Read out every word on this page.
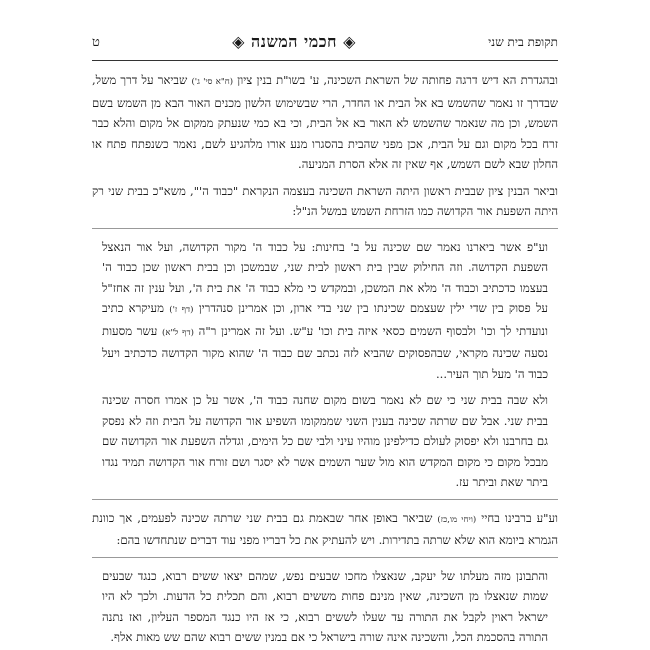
תקופת בית שני
◈ חכמי המשנה ◈
ט

ובהגדרת הא דיש דרגה פחותה של השראת השכינה, ע' בשו"ת בנין ציון (ח"א סי' ג') שביאר על דרך משל, שבדרך זו נאמר שהשמש בא אל הבית או החדר, הרי שבשימוש הלשון מכנים האור הבא מן השמש בשם השמש, וכן מה שנאמר שהשמש לא האור בא אל הבית, וכי בא כמי שנעתק ממקום אל מקום והלא כבר זרח בכל מקום וגם על הבית, אכן מפני שהבית בהסגרו מנע אורו מלהגיע לשם, נאמר כשנפתח פתח או החלון שבא לשם השמש, אף שאין זה אלא הסרת המניעה.

וביאר הבנין ציון שבבית ראשון היתה השראת השכינה בעצמה הנקראת "כבוד ה'", משא"כ בבית שני רק היתה השפעת אור הקדושה כמו הזרחת השמש במשל הנ"ל:

וע"פ אשר ביארנו נאמר שם שכינה על ב' בחינות: על כבוד ה' מקור הקדושה, ועל אור הנאצל השפעת הקדושה. וזה החילוק שבין בית ראשון לבית שני, שבמשכן וכן בבית ראשון שכן כבוד ה' בעצמו כדכתיב וכבוד ה' מלא את המשכן, ובמקדש כי מלא כבוד ה' את בית ה', ועל ענין זה אחז"ל על פסוק בין שדי ילין שעצמם שכינתו בין שני בדי ארון, וכן אמרינן סנהדרין (דף ז') מעיקרא כתיב ונועדתי לך וכו' ולבסוף השמים כסאי איזה בית וכו' ע"ש. ועל זה אמרינן ר"ה (דף ל"א) עשר מסעות נסעה שכינה מקראי, שבהפסוקים שהביא לזה נכתב שם כבוד ה' שהוא מקור הקדושה כדכתיב ויעל כבוד ה' מעל תוך העיר...

ולא שבה בבית שני כי שם לא נאמר בשום מקום שחנה כבוד ה', אשר על כן אמרו חסרה שכינה בבית שני. אבל שם שרתה שכינה בענין השני שממקומו השפיע אור הקדושה על הבית וזה לא נפסק גם בחרבנו ולא יפסוק לעולם כדילפינן מוהיו עיני ולבי שם כל הימים, וגדלה השפעת אור הקדושה שם מבכל מקום כי מקום המקדש הוא מול שער השמים אשר לא יסגר ושם זורח אור הקדושה תמיד נגדו ביתר שאת וביתר עז.

וע"ע ברבינו בחיי (ויחי מו,כז) שביאר באופן אחר שבאמת גם בבית שני שרתה שכינה לפעמים, אך כוונת הגמרא ביומא הוא שלא שרתה בתדירות. ויש להעתיק את כל דבריו מפני עוד דברים שנתחדשו בהם:

והתבונן מזה מעלתו של יעקב, שנאצלו מחכו שבעים נפש, שמהם יצאו ששים רבוא, כנגד שבעים שמות שנאצלו מן השכינה, שאין מנינם פחות מששים רבוא, והם תכלית כל הדעות. ולכך לא היו ישראל ראוין לקבל את התורה עד שעלו לששים רבוא, כי אז היו כנגד המספר העליון, ואז נתנה התורה בהסכמת הכל, והשכינה אינה שורה בישראל כי אם במנין ששים רבוא שהם שש מאות אלף.
